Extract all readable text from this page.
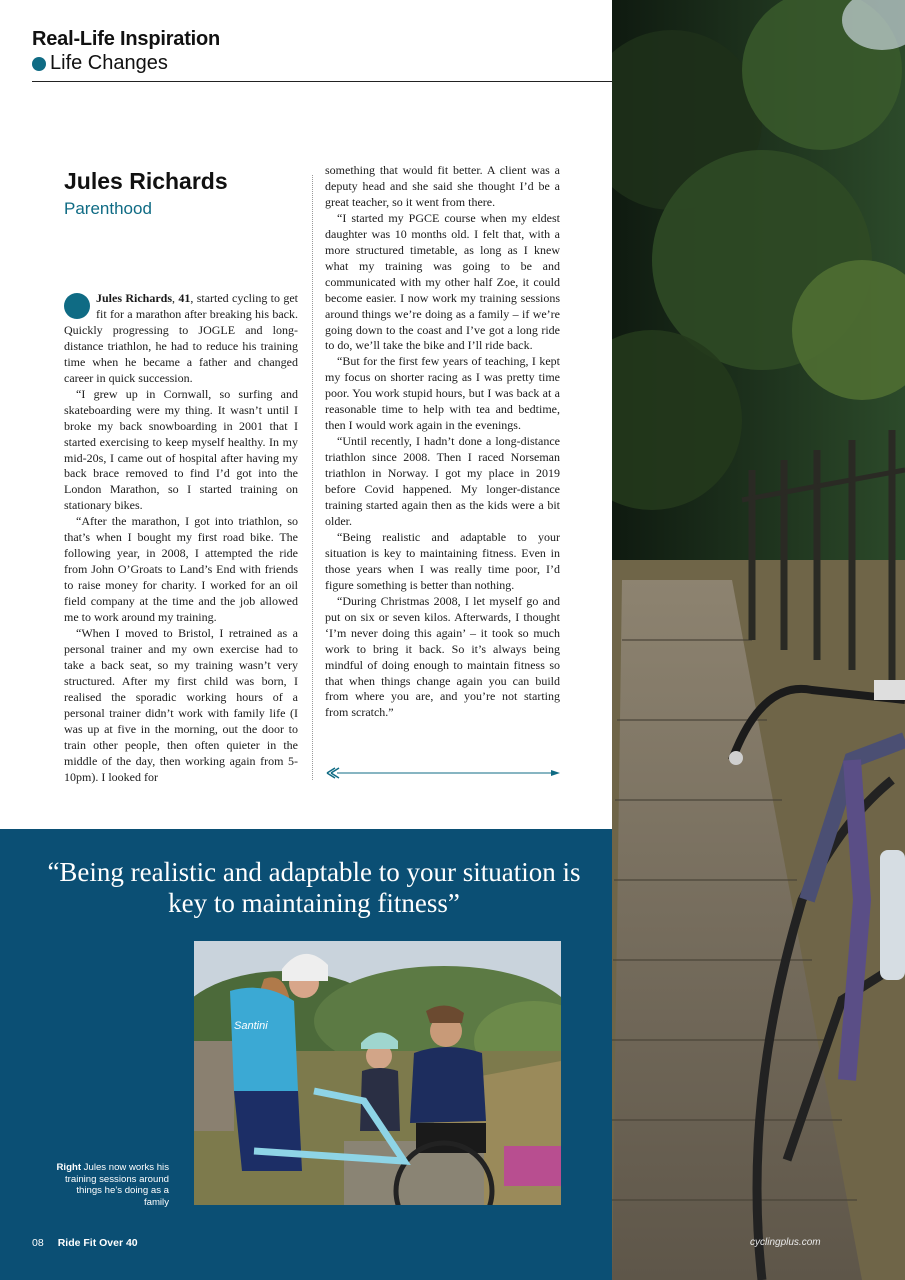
Real-Life Inspiration
Life Changes
Jules Richards
Parenthood

Jules Richards, 41, started cycling to get fit for a marathon after breaking his back. Quickly progressing to JOGLE and long-distance triathlon, he had to reduce his training time when he became a father and changed career in quick succession.

“I grew up in Cornwall, so surfing and skateboarding were my thing. It wasn’t until I broke my back snowboarding in 2001 that I started exercising to keep myself healthy. In my mid-20s, I came out of hospital after having my back brace removed to find I’d got into the London Marathon, so I started training on stationary bikes.

“After the marathon, I got into triathlon, so that’s when I bought my first road bike. The following year, in 2008, I attempted the ride from John O’Groats to Land’s End with friends to raise money for charity. I worked for an oil field company at the time and the job allowed me to work around my training.

“When I moved to Bristol, I retrained as a personal trainer and my own exercise had to take a back seat, so my training wasn’t very structured. After my first child was born, I realised the sporadic working hours of a personal trainer didn’t work with family life (I was up at five in the morning, out the door to train other people, then often quieter in the middle of the day, then working again from 5-10pm). I looked for

something that would fit better. A client was a deputy head and she said she thought I’d be a great teacher, so it went from there.

“I started my PGCE course when my eldest daughter was 10 months old. I felt that, with a more structured timetable, as long as I knew what my training was going to be and communicated with my other half Zoe, it could become easier. I now work my training sessions around things we’re doing as a family – if we’re going down to the coast and I’ve got a long ride to do, we’ll take the bike and I’ll ride back.

“But for the first few years of teaching, I kept my focus on shorter racing as I was pretty time poor. You work stupid hours, but I was back at a reasonable time to help with tea and bedtime, then I would work again in the evenings.

“Until recently, I hadn’t done a long-distance triathlon since 2008. Then I raced Norseman triathlon in Norway. I got my place in 2019 before Covid happened. My longer-distance training started again then as the kids were a bit older.

“Being realistic and adaptable to your situation is key to maintaining fitness. Even in those years when I was really time poor, I’d figure something is better than nothing.

“During Christmas 2008, I let myself go and put on six or seven kilos. Afterwards, I thought ‘I’m never doing this again’ – it took so much work to bring it back. So it’s always being mindful of doing enough to maintain fitness so that when things change again you can build from where you are, and you’re not starting from scratch.”

“Being realistic and adaptable to your situation is key to maintaining fitness”
Santini
Right Jules now works his training sessions around things he’s doing as a family
08 Ride Fit Over 40	cyclingplus.com
